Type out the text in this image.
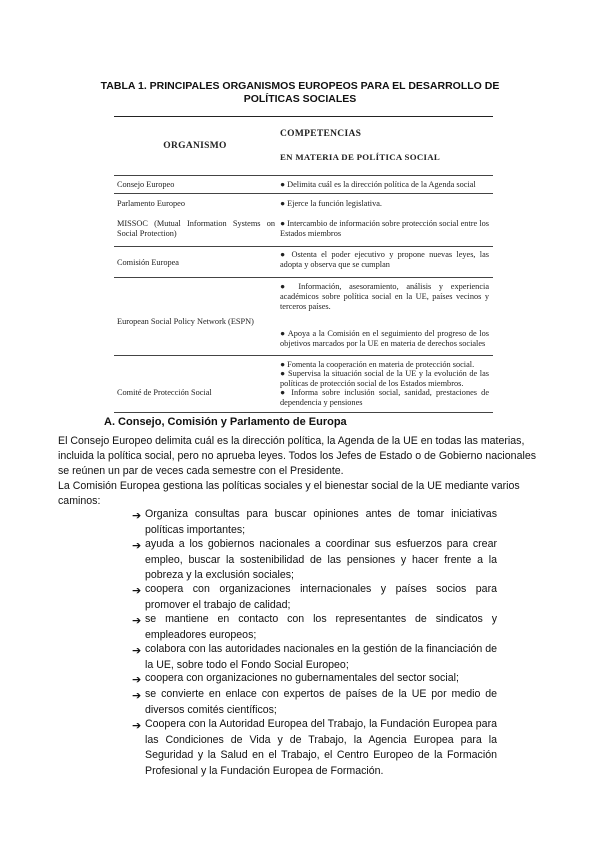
TABLA 1. PRINCIPALES ORGANISMOS EUROPEOS PARA EL DESARROLLO DE
POLÍTICAS SOCIALES
ORGANISMO
COMPETENCIAS
EN MATERIA DE POLÍTICA SOCIAL
Consejo Europeo	● Delimita cuál es la dirección política de la Agenda social
Parlamento Europeo	● Ejerce la función legislativa.
MISSOC (Mutual Information Systems on Social Protection)
● Intercambio de información sobre protección social entre los Estados miembros
Comisión Europea
● Ostenta el poder ejecutivo y propone nuevas leyes, las adopta y observa que se cumplan
European Social Policy Network (ESPN)
● Información, asesoramiento, análisis y experiencia académicos sobre política social en la UE, países vecinos y terceros países.
● Apoya a la Comisión en el seguimiento del progreso de los objetivos marcados por la UE en materia de derechos sociales
Comité de Protección Social
● Fomenta la cooperación en materia de protección social.
● Supervisa la situación social de la UE y la evolución de las políticas de protección social de los Estados miembros.
● Informa sobre inclusión social, sanidad, prestaciones de dependencia y pensiones
A. Consejo, Comisión y Parlamento de Europa
El Consejo Europeo delimita cuál es la dirección política, la Agenda de la UE en todas las materias, incluida la política social, pero no aprueba leyes. Todos los Jefes de Estado o de Gobierno nacionales se reúnen un par de veces cada semestre con el Presidente.
La Comisión Europea gestiona las políticas sociales y el bienestar social de la UE mediante varios caminos:
➔ Organiza consultas para buscar opiniones antes de tomar iniciativas políticas importantes;
➔ ayuda a los gobiernos nacionales a coordinar sus esfuerzos para crear empleo, buscar la sostenibilidad de las pensiones y hacer frente a la pobreza y la exclusión sociales;
➔ coopera con organizaciones internacionales y países socios para promover el trabajo de calidad;
➔ se mantiene en contacto con los representantes de sindicatos y empleadores europeos;
➔ colabora con las autoridades nacionales en la gestión de la financiación de la UE, sobre todo el Fondo Social Europeo;
➔ coopera con organizaciones no gubernamentales del sector social;
➔ se convierte en enlace con expertos de países de la UE por medio de diversos comités científicos;
➔ Coopera con la Autoridad Europea del Trabajo, la Fundación Europea para las Condiciones de Vida y de Trabajo, la Agencia Europea para la Seguridad y la Salud en el Trabajo, el Centro Europeo de la Formación Profesional y la Fundación Europea de Formación.
